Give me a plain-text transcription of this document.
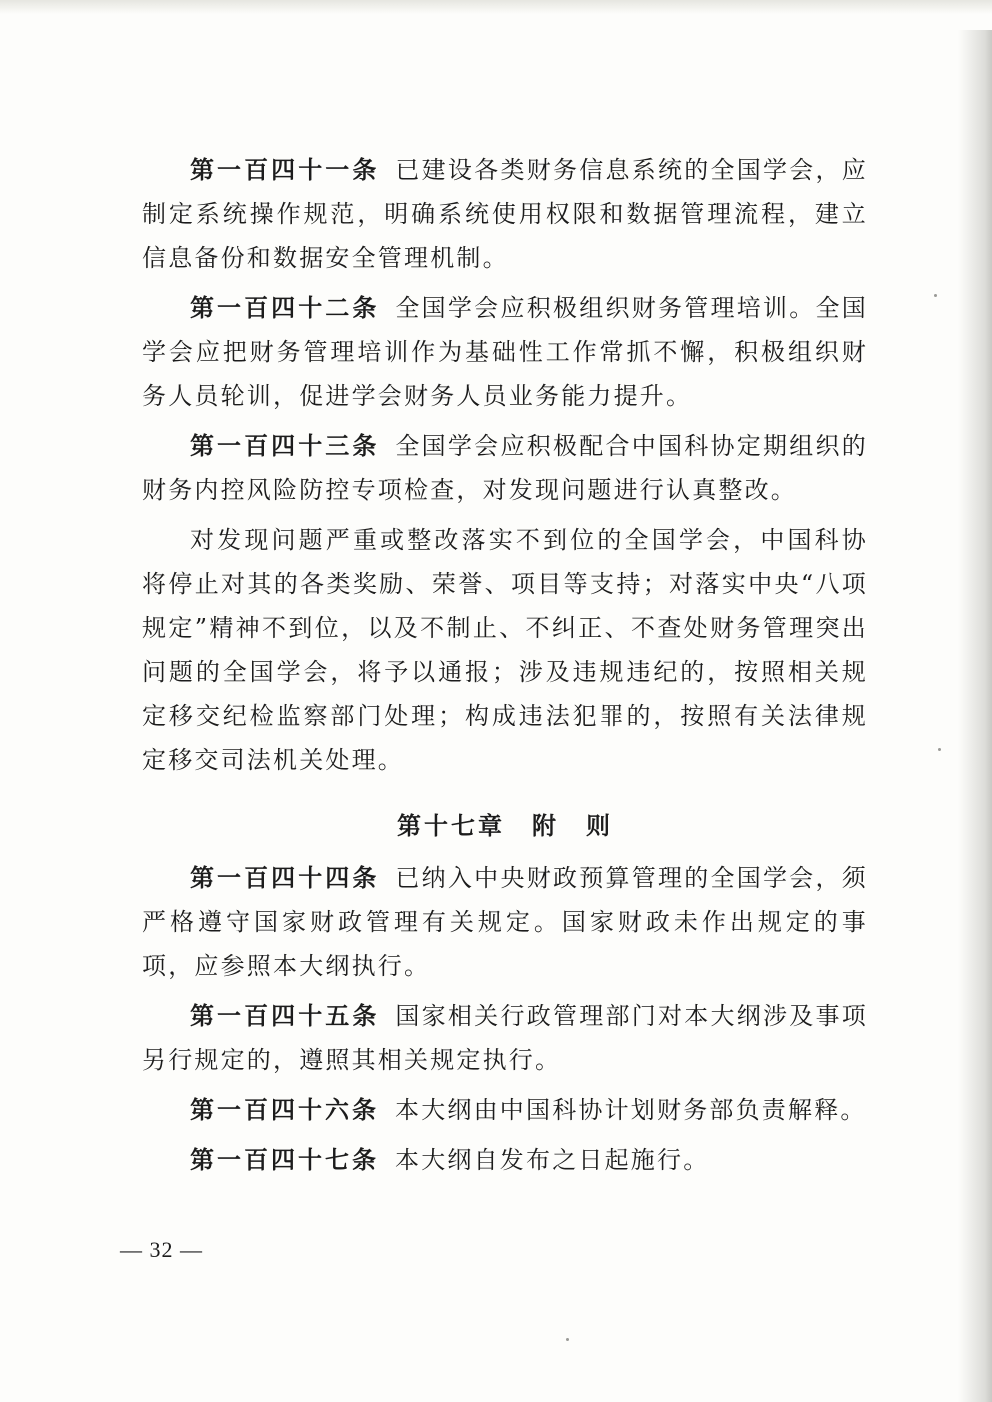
第一百四十一条 已建设各类财务信息系统的全国学会，应制定系统操作规范，明确系统使用权限和数据管理流程，建立信息备份和数据安全管理机制。

第一百四十二条 全国学会应积极组织财务管理培训。全国学会应把财务管理培训作为基础性工作常抓不懈，积极组织财务人员轮训，促进学会财务人员业务能力提升。

第一百四十三条 全国学会应积极配合中国科协定期组织的财务内控风险防控专项检查，对发现问题进行认真整改。

对发现问题严重或整改落实不到位的全国学会，中国科协将停止对其的各类奖励、荣誉、项目等支持；对落实中央“八项规定”精神不到位，以及不制止、不纠正、不查处财务管理突出问题的全国学会，将予以通报；涉及违规违纪的，按照相关规定移交纪检监察部门处理；构成违法犯罪的，按照有关法律规定移交司法机关处理。

第十七章　附　则

第一百四十四条 已纳入中央财政预算管理的全国学会，须严格遵守国家财政管理有关规定。国家财政未作出规定的事项，应参照本大纲执行。

第一百四十五条 国家相关行政管理部门对本大纲涉及事项另行规定的，遵照其相关规定执行。

第一百四十六条 本大纲由中国科协计划财务部负责解释。

第一百四十七条 本大纲自发布之日起施行。

— 32 —
